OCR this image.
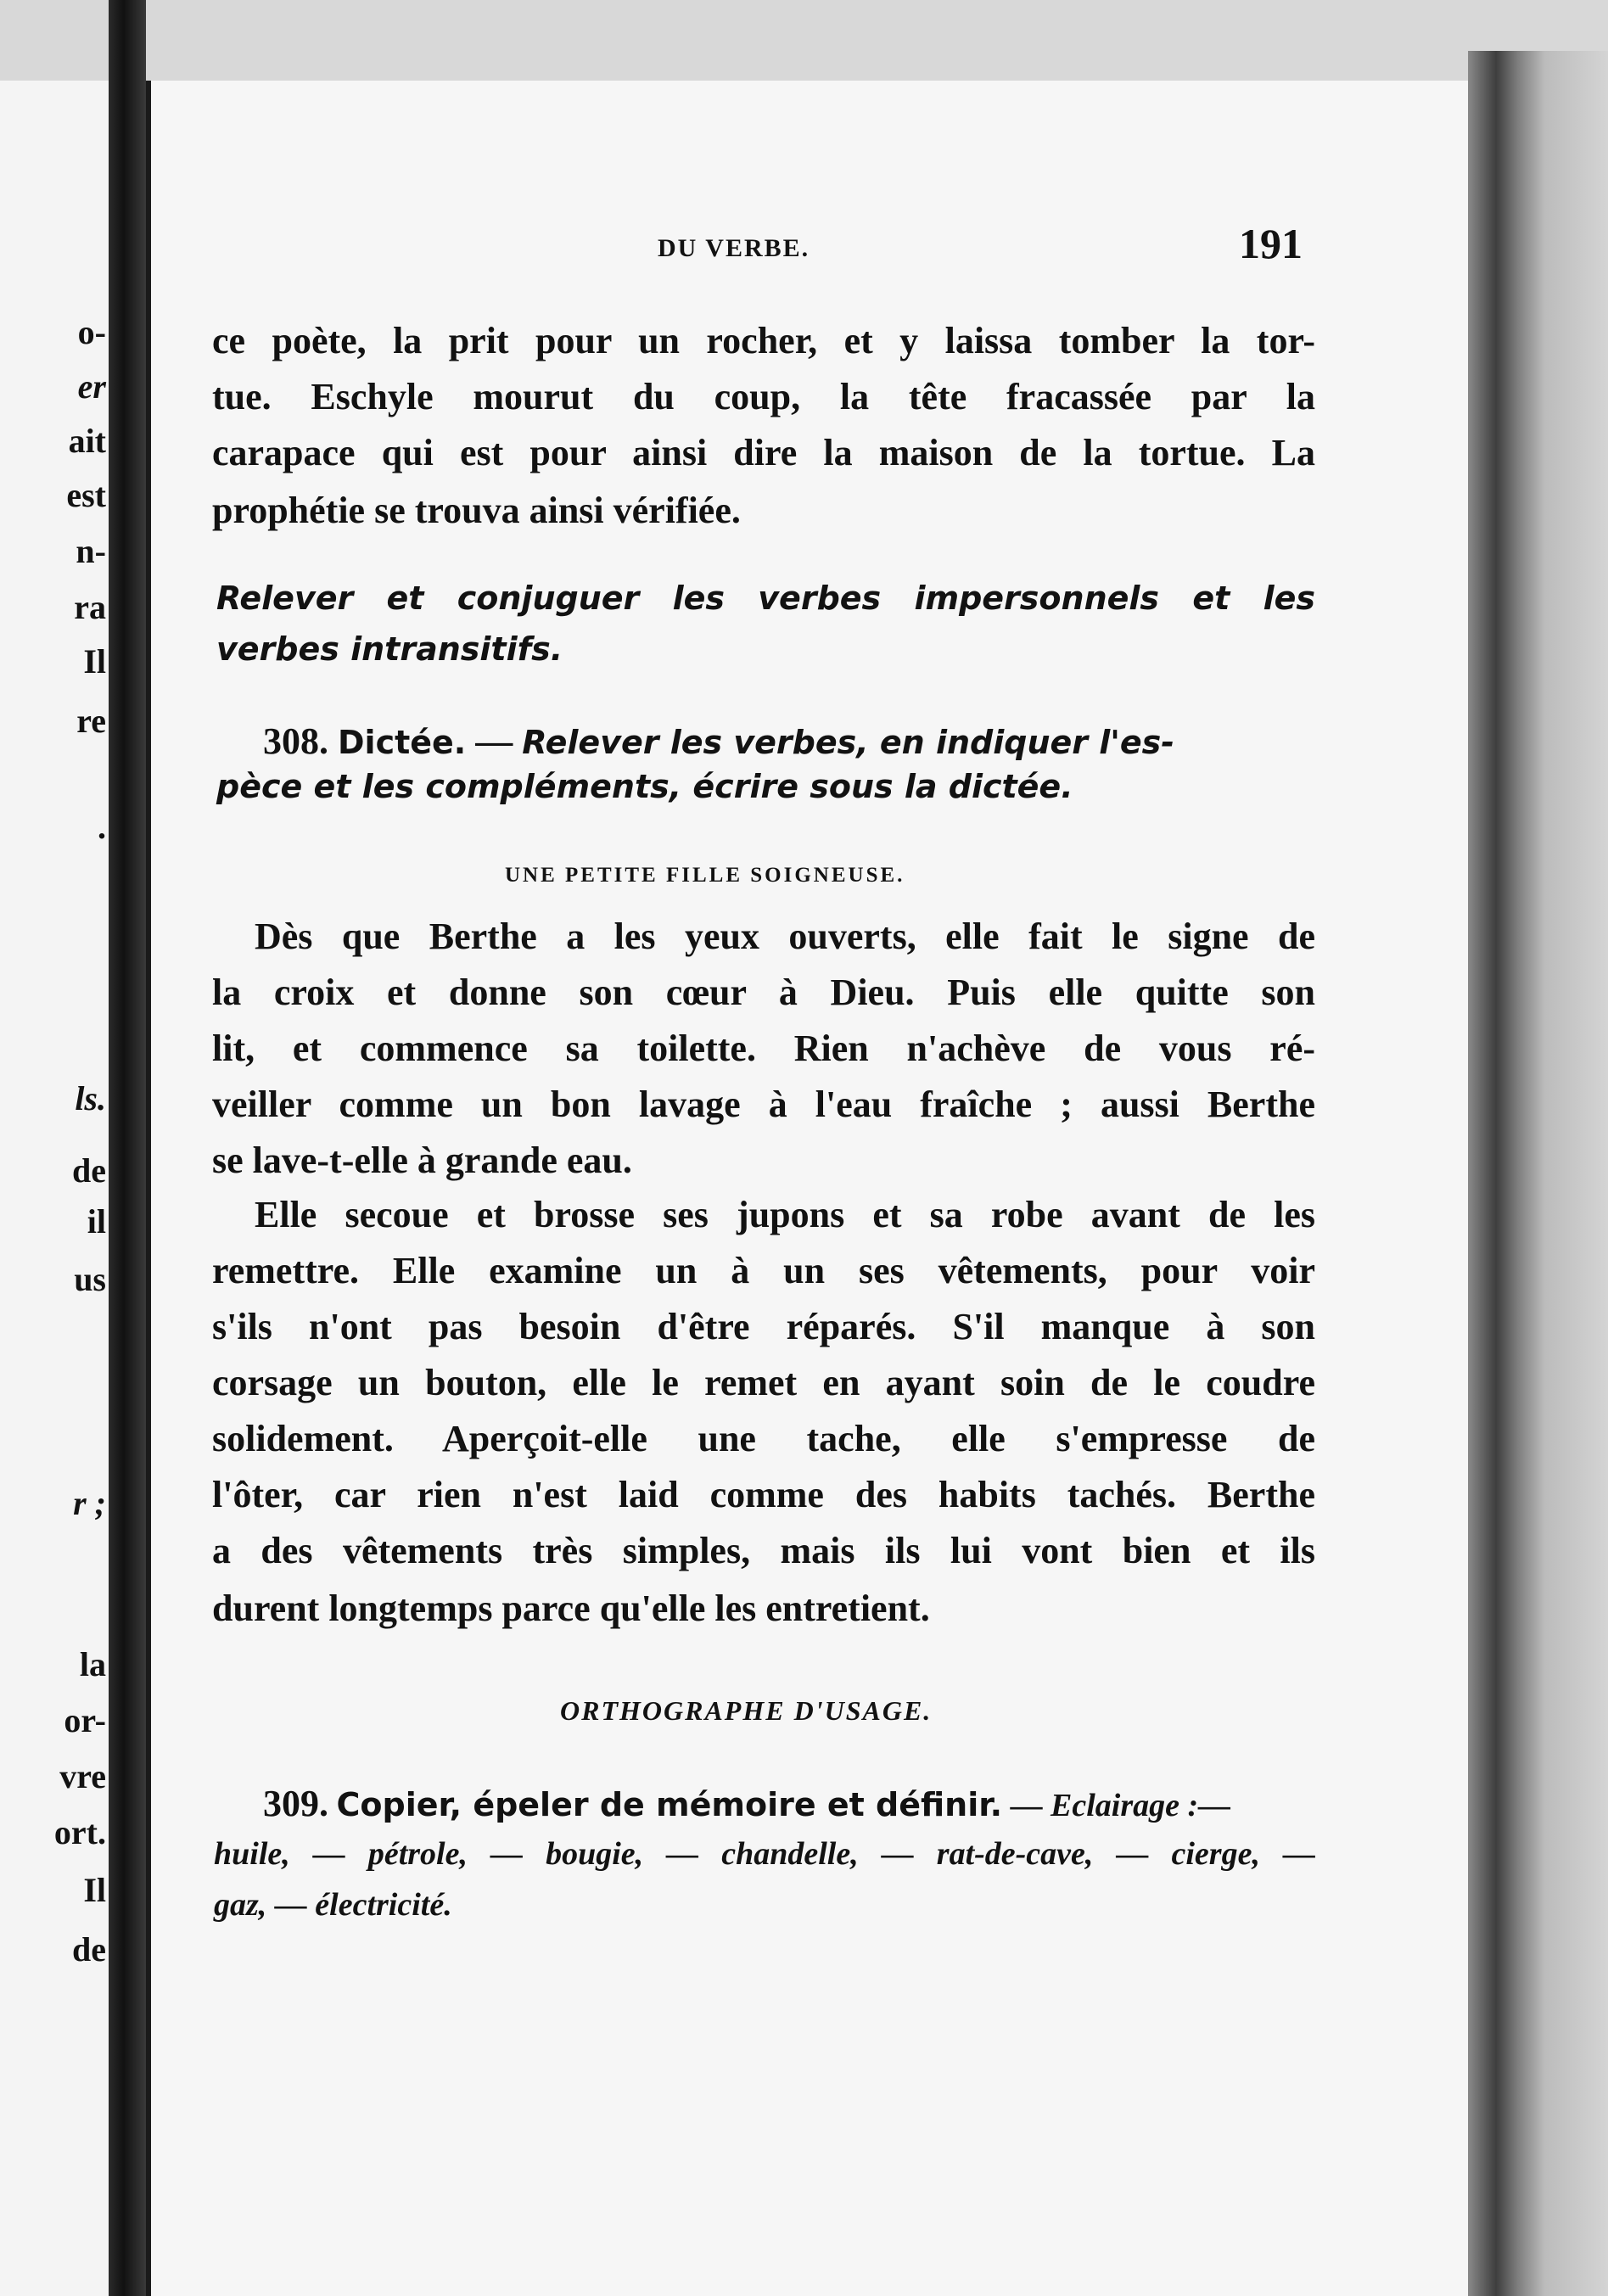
o-

er

ait

est

n-

ra

Il

re

.

ls.

de

il

us

r ;

la

or-

vre

ort.

Il

de

DU VERBE.	191

ce poète, la prit pour un rocher, et y laissa tomber la tor-

tue. Eschyle mourut du coup, la tête fracassée par la

carapace qui est pour ainsi dire la maison de la tortue. La

prophétie se trouva ainsi vérifiée.

Relever et conjuguer les verbes impersonnels et les

verbes intransitifs.

308. Dictée. — Relever les verbes, en indiquer l'es-

pèce et les compléments, écrire sous la dictée.

UNE PETITE FILLE SOIGNEUSE.

Dès que Berthe a les yeux ouverts, elle fait le signe de

la croix et donne son cœur à Dieu. Puis elle quitte son

lit, et commence sa toilette. Rien n'achève de vous ré-

veiller comme un bon lavage à l'eau fraîche ; aussi Berthe

se lave-t-elle à grande eau.

Elle secoue et brosse ses jupons et sa robe avant de les

remettre. Elle examine un à un ses vêtements, pour voir

s'ils n'ont pas besoin d'être réparés. S'il manque à son

corsage un bouton, elle le remet en ayant soin de le coudre

solidement. Aperçoit-elle une tache, elle s'empresse de

l'ôter, car rien n'est laid comme des habits tachés. Berthe

a des vêtements très simples, mais ils lui vont bien et ils

durent longtemps parce qu'elle les entretient.

ORTHOGRAPHE D'USAGE.

309. Copier, épeler de mémoire et définir. — Eclairage :—

huile, — pétrole, — bougie, — chandelle, — rat-de-cave, — cierge, —

gaz, — électricité.
